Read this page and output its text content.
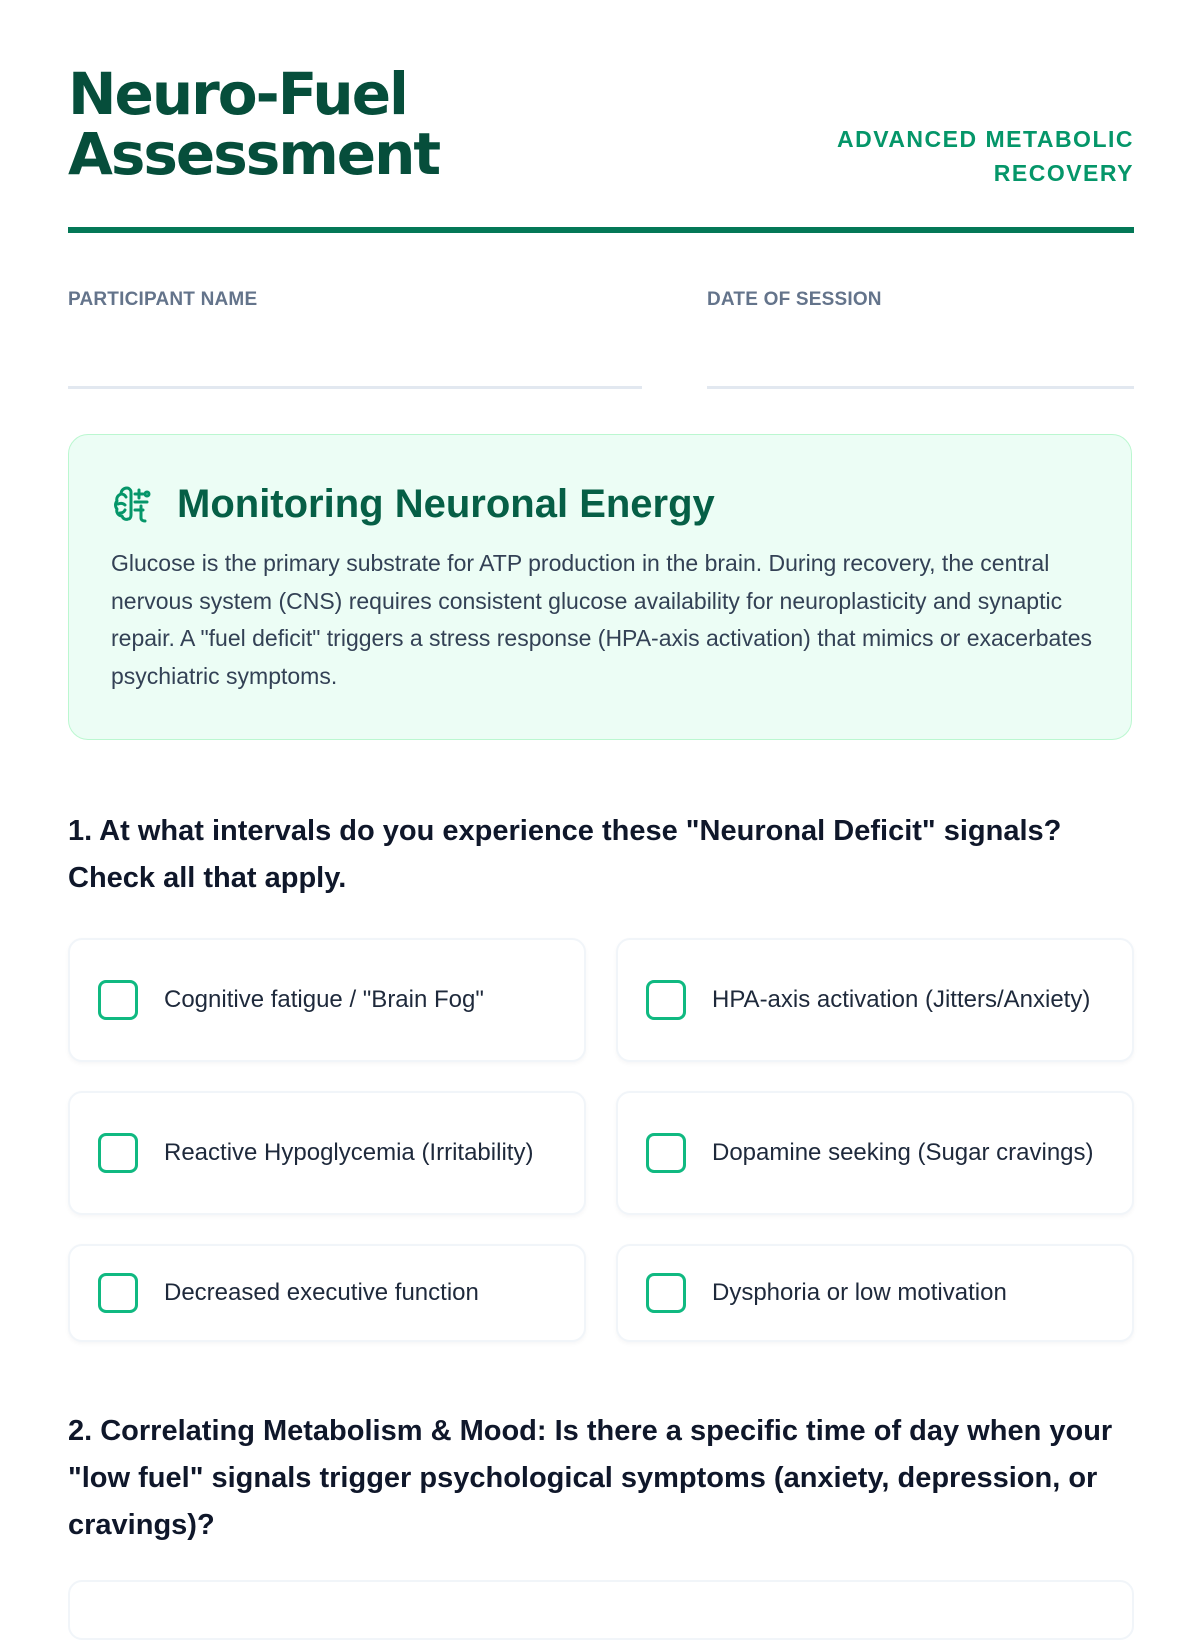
Neuro-Fuel Assessment	ADVANCED METABOLIC RECOVERY
PARTICIPANT NAME	DATE OF SESSION
Monitoring Neuronal Energy

Glucose is the primary substrate for ATP production in the brain. During recovery, the central nervous system (CNS) requires consistent glucose availability for neuroplasticity and synaptic repair. A "fuel deficit" triggers a stress response (HPA-axis activation) that mimics or exacerbates psychiatric symptoms.

1. At what intervals do you experience these "Neuronal Deficit" signals? Check all that apply.

Cognitive fatigue / "Brain Fog"	HPA-axis activation (Jitters/Anxiety)
Reactive Hypoglycemia (Irritability)	Dopamine seeking (Sugar cravings)
Decreased executive function	Dysphoria or low motivation

2. Correlating Metabolism & Mood: Is there a specific time of day when your "low fuel" signals trigger psychological symptoms (anxiety, depression, or cravings)?
